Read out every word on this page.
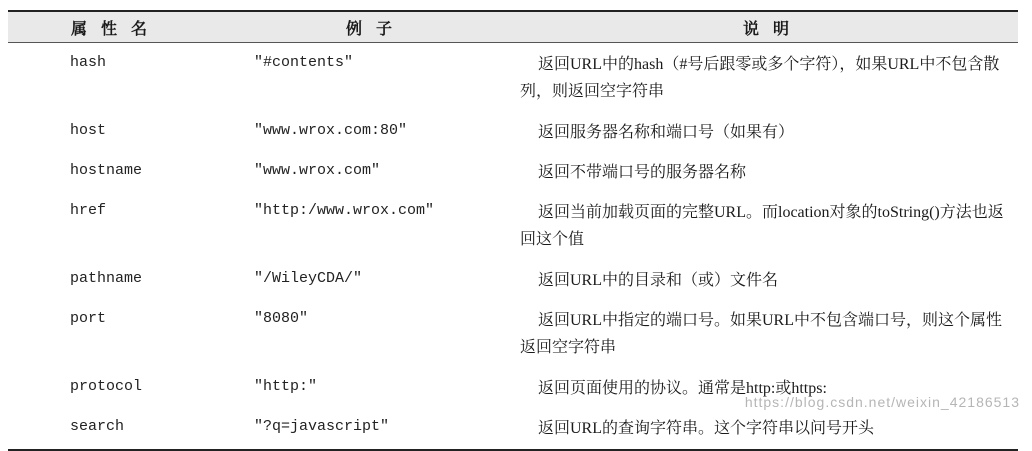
属性名	例子	说明
hash	"#contents"	返回URL中的hash（#号后跟零或多个字符），如果URL中不包含散列，则返回空字符串
host	"www.wrox.com:80"	返回服务器名称和端口号（如果有）
hostname	"www.wrox.com"	返回不带端口号的服务器名称
href	"http:/www.wrox.com"	返回当前加载页面的完整URL。而location对象的toString()方法也返回这个值
pathname	"/WileyCDA/"	返回URL中的目录和（或）文件名
port	"8080"	返回URL中指定的端口号。如果URL中不包含端口号，则这个属性返回空字符串
protocol	"http:"	返回页面使用的协议。通常是http:或https:
search	"?q=javascript"	返回URL的查询字符串。这个字符串以问号开头
https://blog.csdn.net/weixin_42186513
